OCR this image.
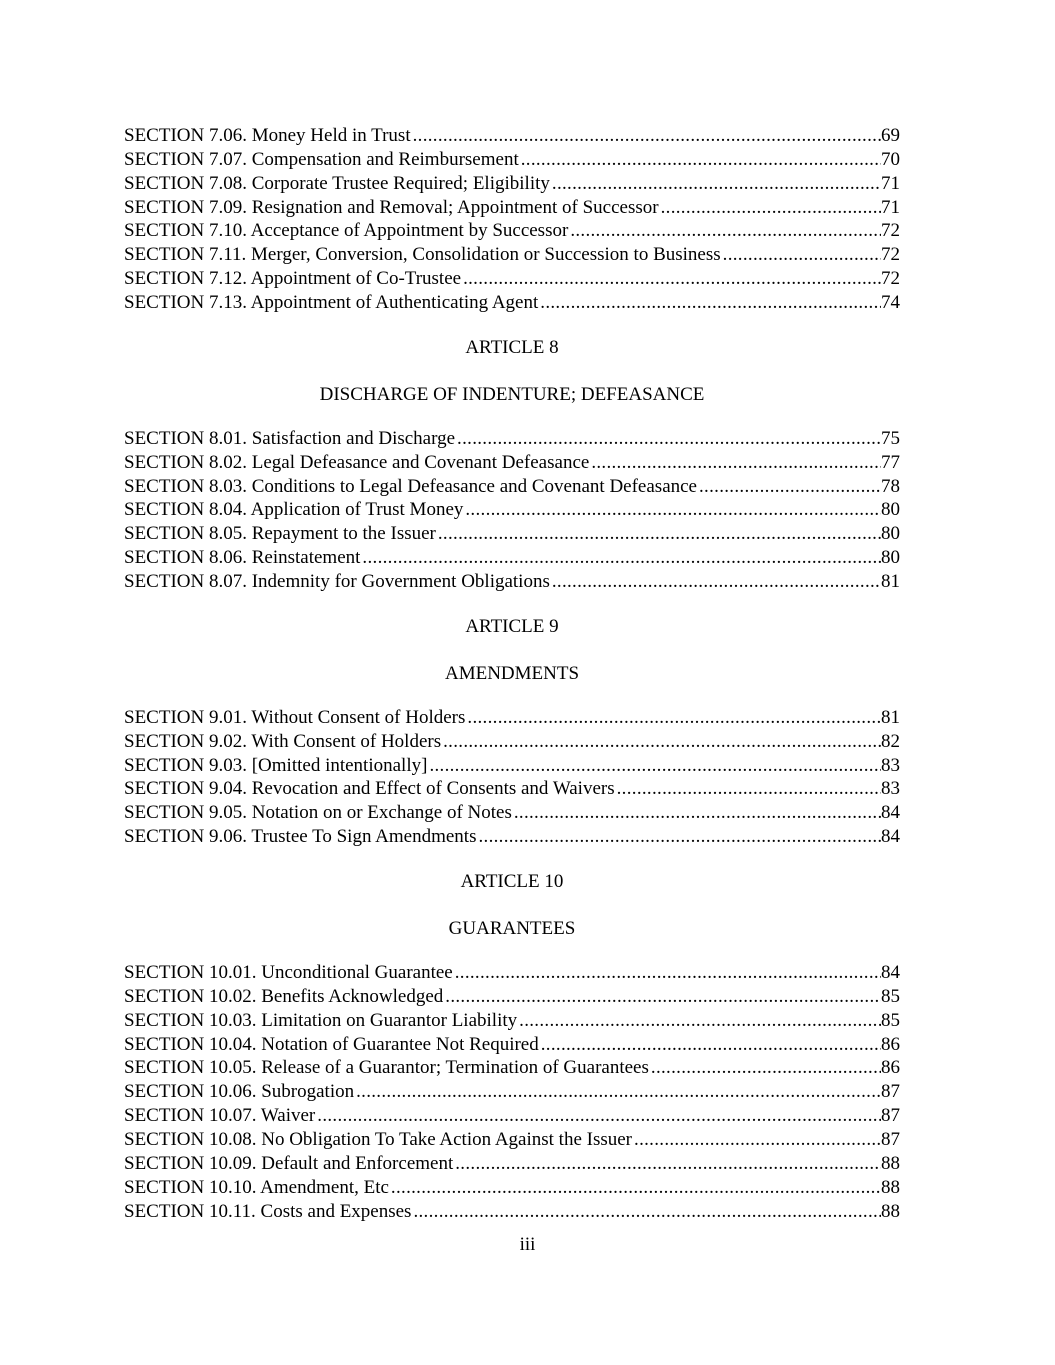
SECTION 7.06. Money Held in Trust .....	69
SECTION 7.07. Compensation and Reimbursement .....	70
SECTION 7.08. Corporate Trustee Required; Eligibility .....	71
SECTION 7.09. Resignation and Removal; Appointment of Successor .....	71
SECTION 7.10. Acceptance of Appointment by Successor .....	72
SECTION 7.11. Merger, Conversion, Consolidation or Succession to Business .....	72
SECTION 7.12. Appointment of Co-Trustee .....	72
SECTION 7.13. Appointment of Authenticating Agent .....	74
ARTICLE 8
DISCHARGE OF INDENTURE; DEFEASANCE
SECTION 8.01. Satisfaction and Discharge .....	75
SECTION 8.02. Legal Defeasance and Covenant Defeasance .....	77
SECTION 8.03. Conditions to Legal Defeasance and Covenant Defeasance .....	78
SECTION 8.04. Application of Trust Money .....	80
SECTION 8.05. Repayment to the Issuer .....	80
SECTION 8.06. Reinstatement .....	80
SECTION 8.07. Indemnity for Government Obligations .....	81
ARTICLE 9
AMENDMENTS
SECTION 9.01. Without Consent of Holders .....	81
SECTION 9.02. With Consent of Holders .....	82
SECTION 9.03. [Omitted intentionally] .....	83
SECTION 9.04. Revocation and Effect of Consents and Waivers .....	83
SECTION 9.05. Notation on or Exchange of Notes .....	84
SECTION 9.06. Trustee To Sign Amendments .....	84
ARTICLE 10
GUARANTEES
SECTION 10.01. Unconditional Guarantee .....	84
SECTION 10.02. Benefits Acknowledged .....	85
SECTION 10.03. Limitation on Guarantor Liability .....	85
SECTION 10.04. Notation of Guarantee Not Required .....	86
SECTION 10.05. Release of a Guarantor; Termination of Guarantees .....	86
SECTION 10.06. Subrogation .....	87
SECTION 10.07. Waiver .....	87
SECTION 10.08. No Obligation To Take Action Against the Issuer .....	87
SECTION 10.09. Default and Enforcement .....	88
SECTION 10.10. Amendment, Etc .....	88
SECTION 10.11. Costs and Expenses .....	88
iii
